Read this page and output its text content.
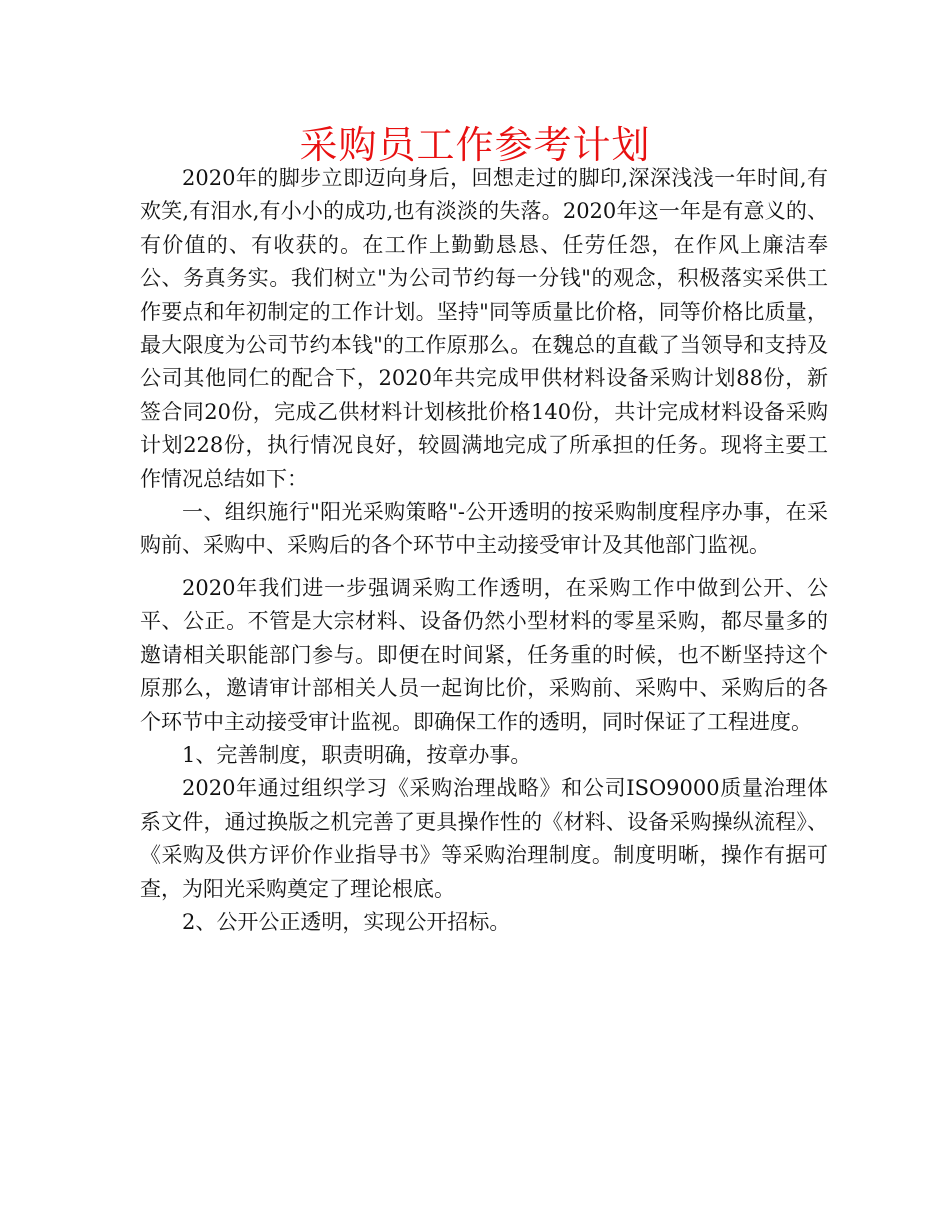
采购员工作参考计划

2020年的脚步立即迈向身后，回想走过的脚印,深深浅浅一年时间,有欢笑,有泪水,有小小的成功,也有淡淡的失落。2020年这一年是有意义的、有价值的、有收获的。在工作上勤勤恳恳、任劳任怨，在作风上廉洁奉公、务真务实。我们树立"为公司节约每一分钱"的观念，积极落实采供工作要点和年初制定的工作计划。坚持"同等质量比价格，同等价格比质量，最大限度为公司节约本钱"的工作原那么。在魏总的直截了当领导和支持及公司其他同仁的配合下，2020年共完成甲供材料设备采购计划88份，新签合同20份，完成乙供材料计划核批价格140份，共计完成材料设备采购计划228份，执行情况良好，较圆满地完成了所承担的任务。现将主要工作情况总结如下：

一、组织施行"阳光采购策略"-公开透明的按采购制度程序办事，在采购前、采购中、采购后的各个环节中主动接受审计及其他部门监视。

2020年我们进一步强调采购工作透明，在采购工作中做到公开、公平、公正。不管是大宗材料、设备仍然小型材料的零星采购，都尽量多的邀请相关职能部门参与。即便在时间紧，任务重的时候，也不断坚持这个原那么，邀请审计部相关人员一起询比价，采购前、采购中、采购后的各个环节中主动接受审计监视。即确保工作的透明，同时保证了工程进度。

1、完善制度，职责明确，按章办事。

2020年通过组织学习《采购治理战略》和公司ISO9000质量治理体系文件，通过换版之机完善了更具操作性的《材料、设备采购操纵流程》、《采购及供方评价作业指导书》等采购治理制度。制度明晰，操作有据可查，为阳光采购奠定了理论根底。

2、公开公正透明，实现公开招标。
